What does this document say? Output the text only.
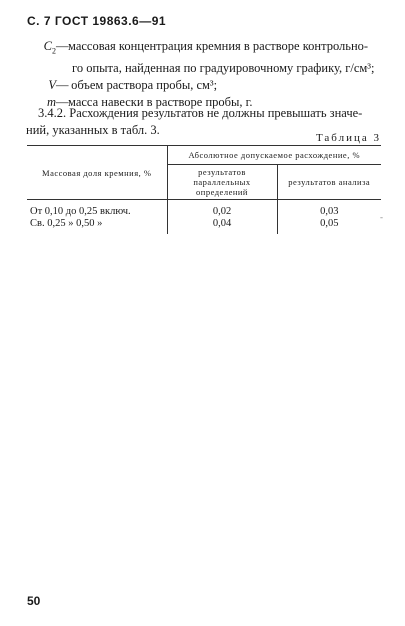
С. 7 ГОСТ 19863.6—91
$C_2—массовая$ концентрация кремния в растворе контрольно-
го опыта, найденная по градуировочному графику, г/см³;
V— объем раствора пробы, см³;
m—масса навески в растворе пробы, г.
3.4.2. Расхождения результатов не должны превышать значе-
ний, указанных в табл. 3.
Таблица 3
Массовая доля кремния, %	Абсолютное допускаемое расхождение, %	
	результатов параллельных определений	результатов анализа
От 0,10 до 0,25 включ.	0,02	0,03
Св. 0,25 » 0,50 »	0,04	0,05
-
50
